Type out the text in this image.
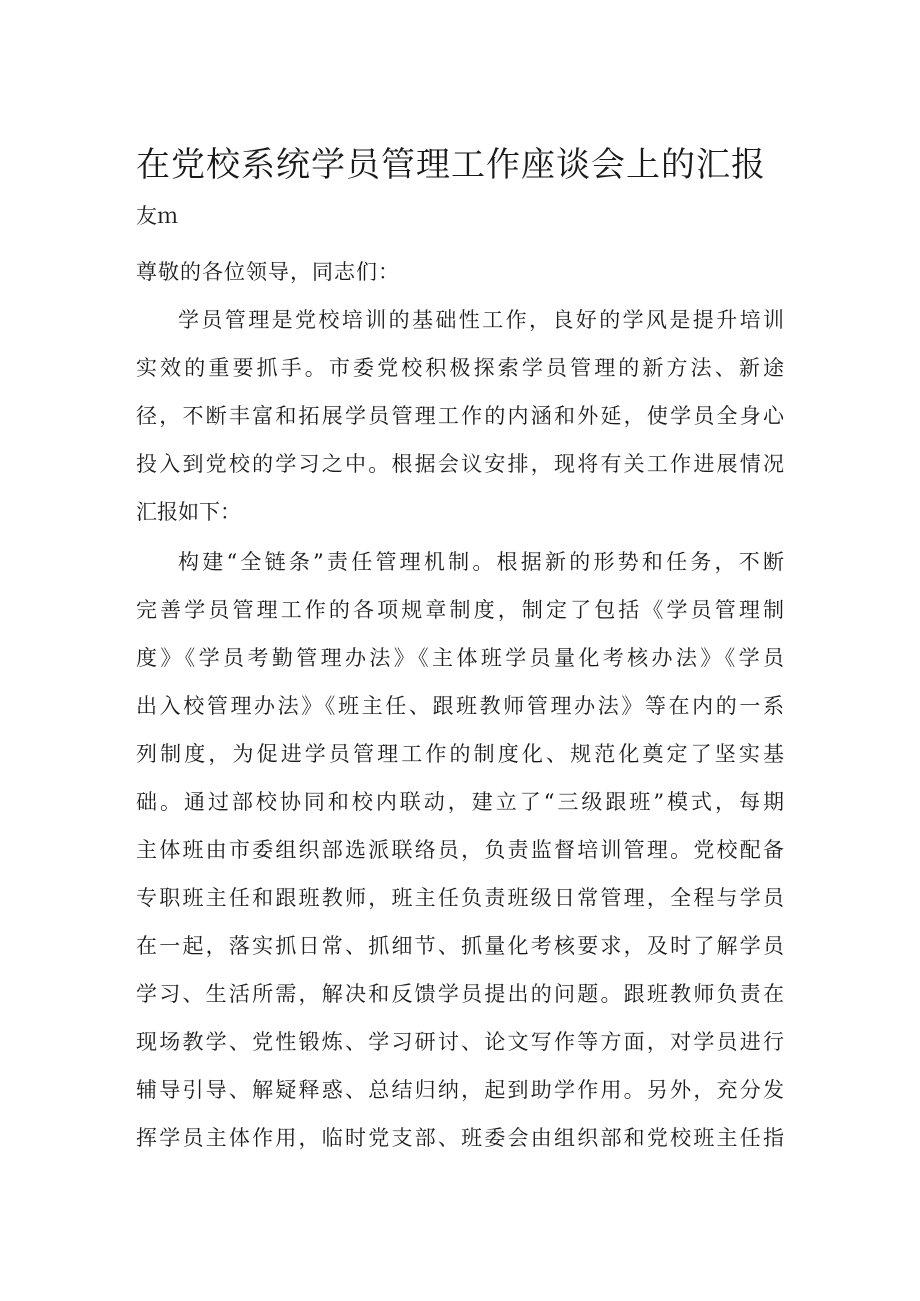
在党校系统学员管理工作座谈会上的汇报
友ｍ
尊敬的各位领导，同志们：
学员管理是党校培训的基础性工作，良好的学风是提升培训
实效的重要抓手。市委党校积极探索学员管理的新方法、新途
径，不断丰富和拓展学员管理工作的内涵和外延，使学员全身心
投入到党校的学习之中。根据会议安排，现将有关工作进展情况
汇报如下：
构建“全链条”责任管理机制。根据新的形势和任务，不断
完善学员管理工作的各项规章制度，制定了包括《学员管理制
度》《学员考勤管理办法》《主体班学员量化考核办法》《学员
出入校管理办法》《班主任、跟班教师管理办法》等在内的一系
列制度，为促进学员管理工作的制度化、规范化奠定了坚实基
础。通过部校协同和校内联动，建立了“三级跟班”模式，每期
主体班由市委组织部选派联络员，负责监督培训管理。党校配备
专职班主任和跟班教师，班主任负责班级日常管理，全程与学员
在一起，落实抓日常、抓细节、抓量化考核要求，及时了解学员
学习、生活所需，解决和反馈学员提出的问题。跟班教师负责在
现场教学、党性锻炼、学习研讨、论文写作等方面，对学员进行
辅导引导、解疑释惑、总结归纳，起到助学作用。另外，充分发
挥学员主体作用，临时党支部、班委会由组织部和党校班主任指
